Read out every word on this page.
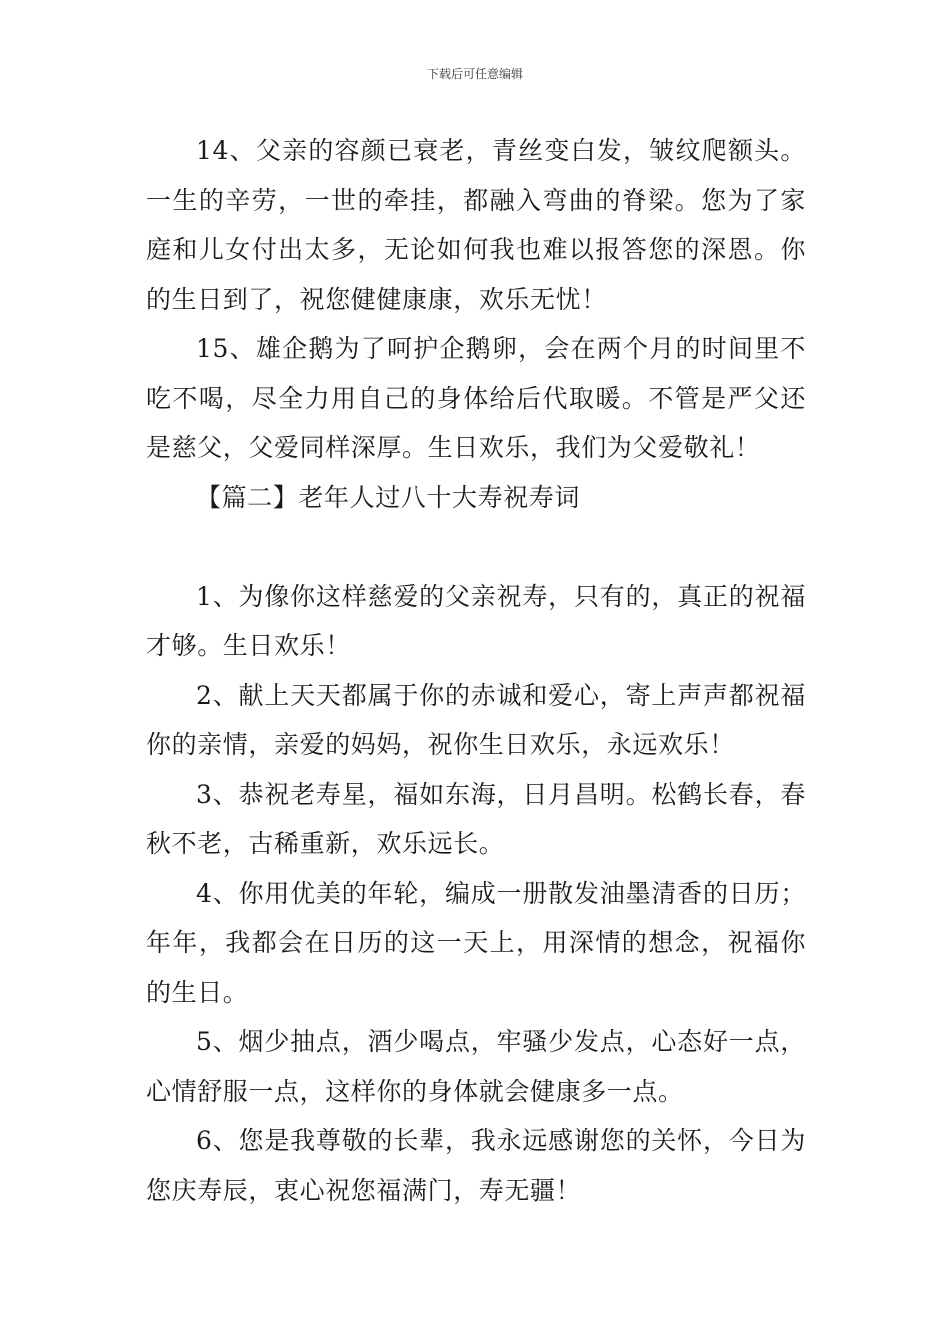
下载后可任意编辑

14、父亲的容颜已衰老，青丝变白发，皱纹爬额头。一生的辛劳，一世的牵挂，都融入弯曲的脊梁。您为了家庭和儿女付出太多，无论如何我也难以报答您的深恩。你的生日到了，祝您健健康康，欢乐无忧！

15、雄企鹅为了呵护企鹅卵，会在两个月的时间里不吃不喝，尽全力用自己的身体给后代取暖。不管是严父还是慈父，父爱同样深厚。生日欢乐，我们为父爱敬礼！

【篇二】老年人过八十大寿祝寿词

1、为像你这样慈爱的父亲祝寿，只有的，真正的祝福才够。生日欢乐！

2、献上天天都属于你的赤诚和爱心，寄上声声都祝福你的亲情，亲爱的妈妈，祝你生日欢乐，永远欢乐！

3、恭祝老寿星，福如东海，日月昌明。松鹤长春，春秋不老，古稀重新，欢乐远长。

4、你用优美的年轮，编成一册散发油墨清香的日历；年年，我都会在日历的这一天上，用深情的想念，祝福你的生日。

5、烟少抽点，酒少喝点，牢骚少发点，心态好一点，心情舒服一点，这样你的身体就会健康多一点。

6、您是我尊敬的长辈，我永远感谢您的关怀，今日为您庆寿辰，衷心祝您福满门，寿无疆！
